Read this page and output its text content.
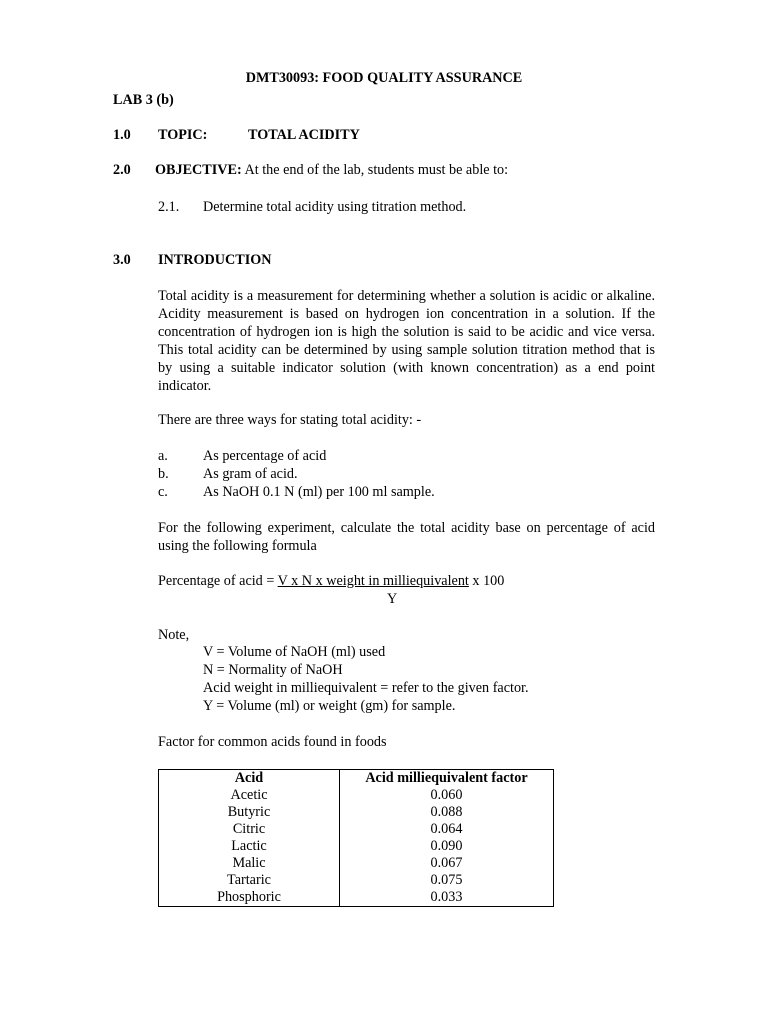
DMT30093: FOOD QUALITY ASSURANCE
LAB 3 (b)
1.0 TOPIC:	TOTAL ACIDITY
2.0 OBJECTIVE: At the end of the lab, students must be able to:
2.1. Determine total acidity using titration method.
3.0 INTRODUCTION
Total acidity is a measurement for determining whether a solution is acidic or alkaline. Acidity measurement is based on hydrogen ion concentration in a solution. If the concentration of hydrogen ion is high the solution is said to be acidic and vice versa. This total acidity can be determined by using sample solution titration method that is by using a suitable indicator solution (with known concentration) as a end point indicator.
There are three ways for stating total acidity: -
a. As percentage of acid
b. As gram of acid.
c. As NaOH 0.1 N (ml) per 100 ml sample.
For the following experiment, calculate the total acidity base on percentage of acid using the following formula
Percentage of acid = V x N x weight in milliequivalent x 100
Y
Note,
V = Volume of NaOH (ml) used
N = Normality of NaOH
Acid weight in milliequivalent = refer to the given factor.
Y = Volume (ml) or weight (gm) for sample.
Factor for common acids found in foods
Acid	Acid milliequivalent factor
Acetic	0.060
Butyric	0.088
Citric	0.064
Lactic	0.090
Malic	0.067
Tartaric	0.075
Phosphoric	0.033
